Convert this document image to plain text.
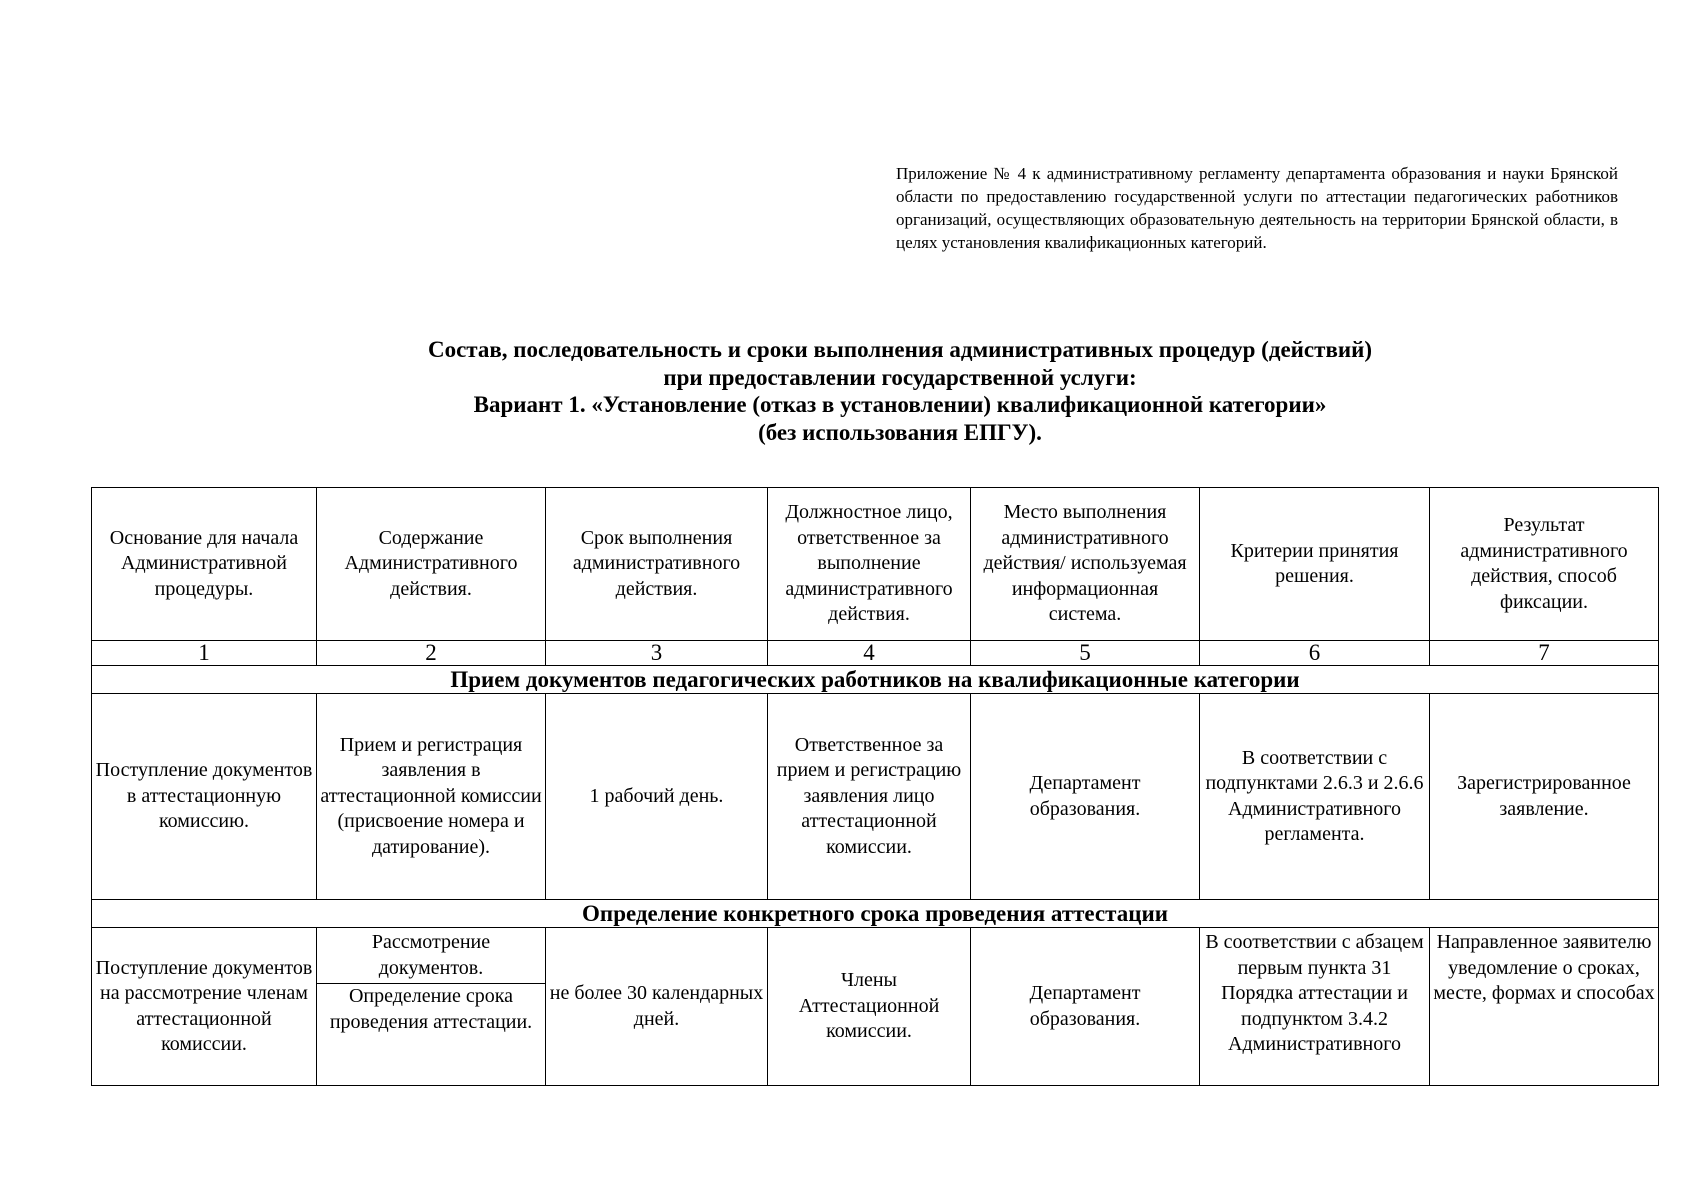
Приложение № 4 к административному регламенту департамента образования и науки Брянской области по предоставлению государственной услуги по аттестации педагогических работников организаций, осуществляющих образовательную деятельность на территории Брянской области, в целях установления квалификационных категорий.
Состав, последовательность и сроки выполнения административных процедур (действий)
при предоставлении государственной услуги:
Вариант 1. «Установление (отказ в установлении) квалификационной категории»
(без использования ЕПГУ).
Основание для начала Административной процедуры.	Содержание Административного действия.	Срок выполнения административного действия.	Должностное лицо, ответственное за выполнение административного действия.	Место выполнения административного действия/ используемая информационная система.	Критерии принятия решения.	Результат административного действия, способ фиксации.
1	2	3	4	5	6	7
Прием документов педагогических работников на квалификационные категории						
Поступление документов в аттестационную комиссию.	Прием и регистрация заявления в аттестационной комиссии (присвоение номера и датирование).	1 рабочий день.	Ответственное за прием и регистрацию заявления лицо аттестационной комиссии.	Департамент образования.	В соответствии с подпунктами 2.6.3 и 2.6.6 Административного регламента.	Зарегистрированное заявление.
Определение конкретного срока проведения аттестации						
Поступление документов на рассмотрение членам аттестационной комиссии.	Рассмотрение документов.	не более 30 календарных дней.	Члены Аттестационной комиссии.	Департамент образования.	В соответствии с абзацем первым пункта 31 Порядка аттестации и подпунктом 3.4.2 Административного	Направленное заявителю уведомление о сроках, месте, формах и способах
	Определение срока проведения аттестации.					
